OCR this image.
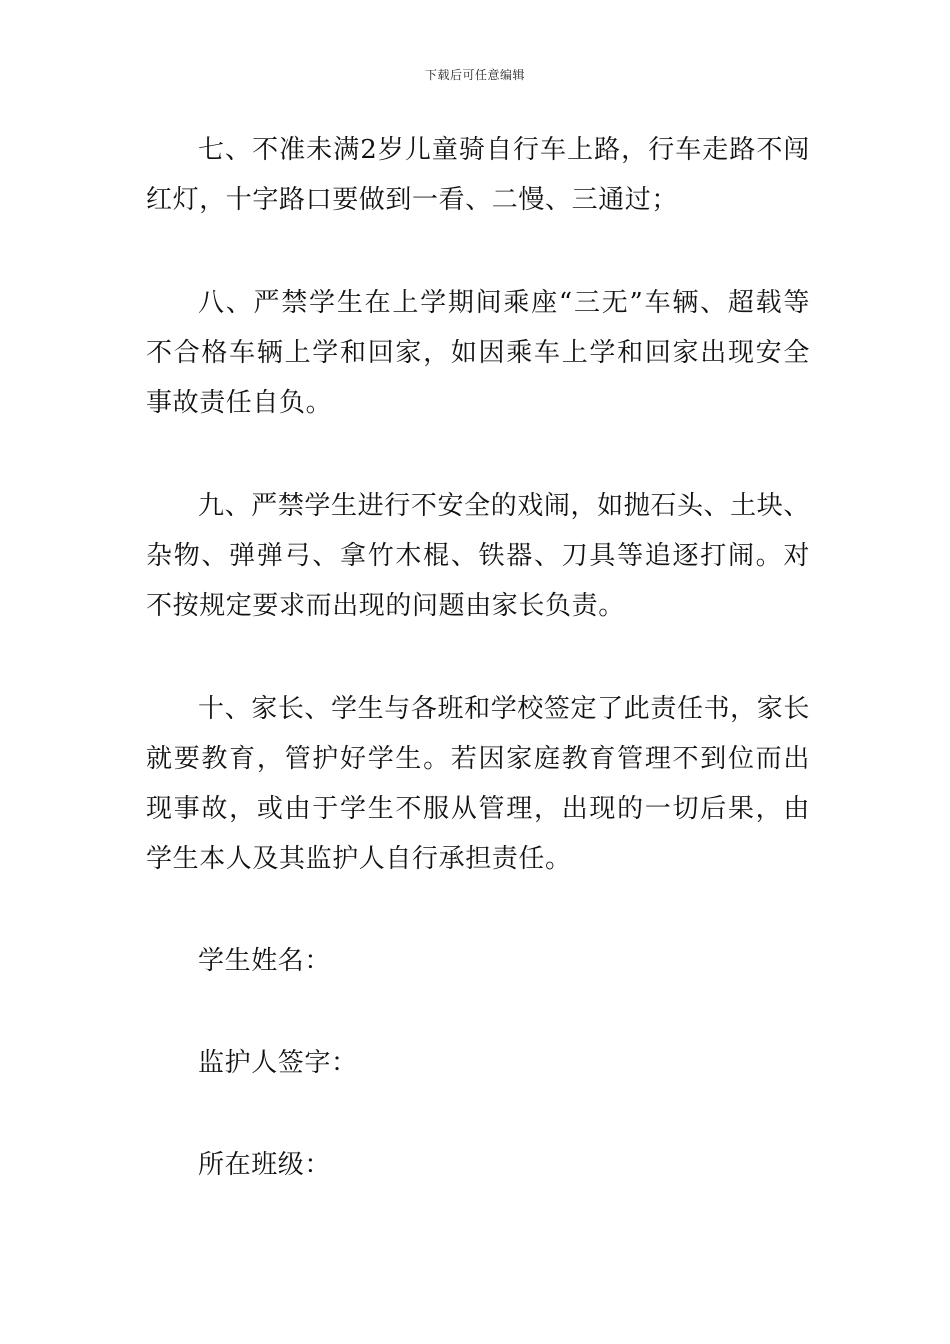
下载后可任意编辑

七、不准未满2岁儿童骑自行车上路，行车走路不闯红灯，十字路口要做到一看、二慢、三通过；

八、严禁学生在上学期间乘座“三无”车辆、超载等不合格车辆上学和回家，如因乘车上学和回家出现安全事故责任自负。

九、严禁学生进行不安全的戏闹，如抛石头、土块、杂物、弹弹弓、拿竹木棍、铁器、刀具等追逐打闹。对不按规定要求而出现的问题由家长负责。

十、家长、学生与各班和学校签定了此责任书，家长就要教育，管护好学生。若因家庭教育管理不到位而出现事故，或由于学生不服从管理，出现的一切后果，由学生本人及其监护人自行承担责任。

学生姓名：
监护人签字：
所在班级：
